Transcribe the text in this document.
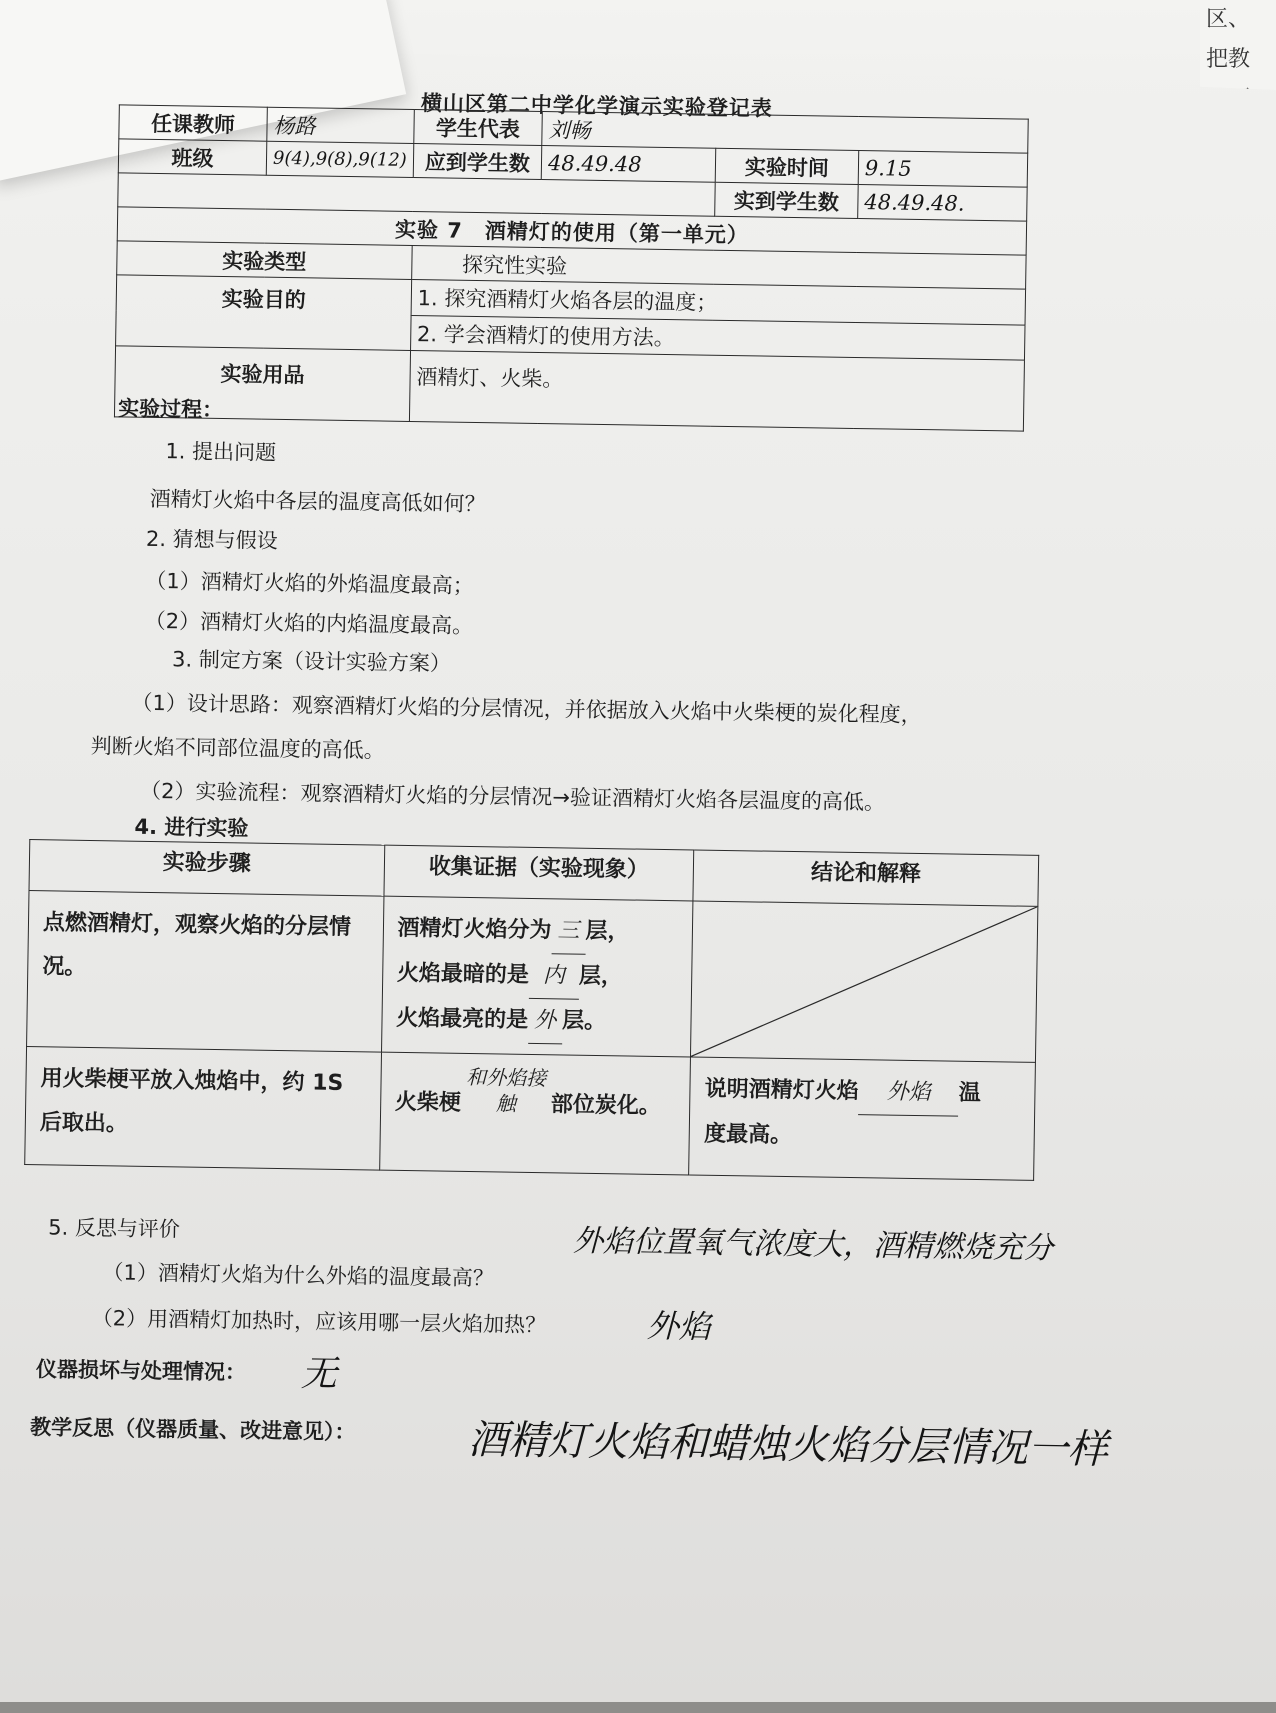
区、
把教
横山区第二中学化学演示实验登记表
任课教师	杨路	学生代表	刘畅		
班级	9(4),9(8),9(12)	应到学生数	48.49.48	实验时间	9.15
				实到学生数	48.49.48.
实验 7　酒精灯的使用（第一单元）					
实验类型		探究性实验			
实验目的		1. 探究酒精灯火焰各层的温度；			
		2. 学会酒精灯的使用方法。			
实验用品		酒精灯、火柴。			
实验过程：
1. 提出问题
酒精灯火焰中各层的温度高低如何？
2. 猜想与假设
（1）酒精灯火焰的外焰温度最高；
（2）酒精灯火焰的内焰温度最高。
3. 制定方案（设计实验方案）
（1）设计思路：观察酒精灯火焰的分层情况，并依据放入火焰中火柴梗的炭化程度，
判断火焰不同部位温度的高低。
（2）实验流程：观察酒精灯火焰的分层情况→验证酒精灯火焰各层温度的高低。
4. 进行实验
实验步骤	收集证据（实验现象）	结论和解释
点燃酒精灯，观察火焰的分层情况。	酒精灯火焰分为 三 层，
火焰最暗的是 内 层，
火焰最亮的是 外 层。	

用火柴梗平放入烛焰中，约 1S 后取出。	火柴梗和外焰接触 部位炭化。	说明酒精灯火焰 外焰 温
度最高。
5. 反思与评价	外焰位置氧气浓度大，酒精燃烧充分
（1）酒精灯火焰为什么外焰的温度最高？
（2）用酒精灯加热时，应该用哪一层火焰加热？	外焰
仪器损坏与处理情况： 无
教学反思（仪器质量、改进意见）：	酒精灯火焰和蜡烛火焰分层情况一样
